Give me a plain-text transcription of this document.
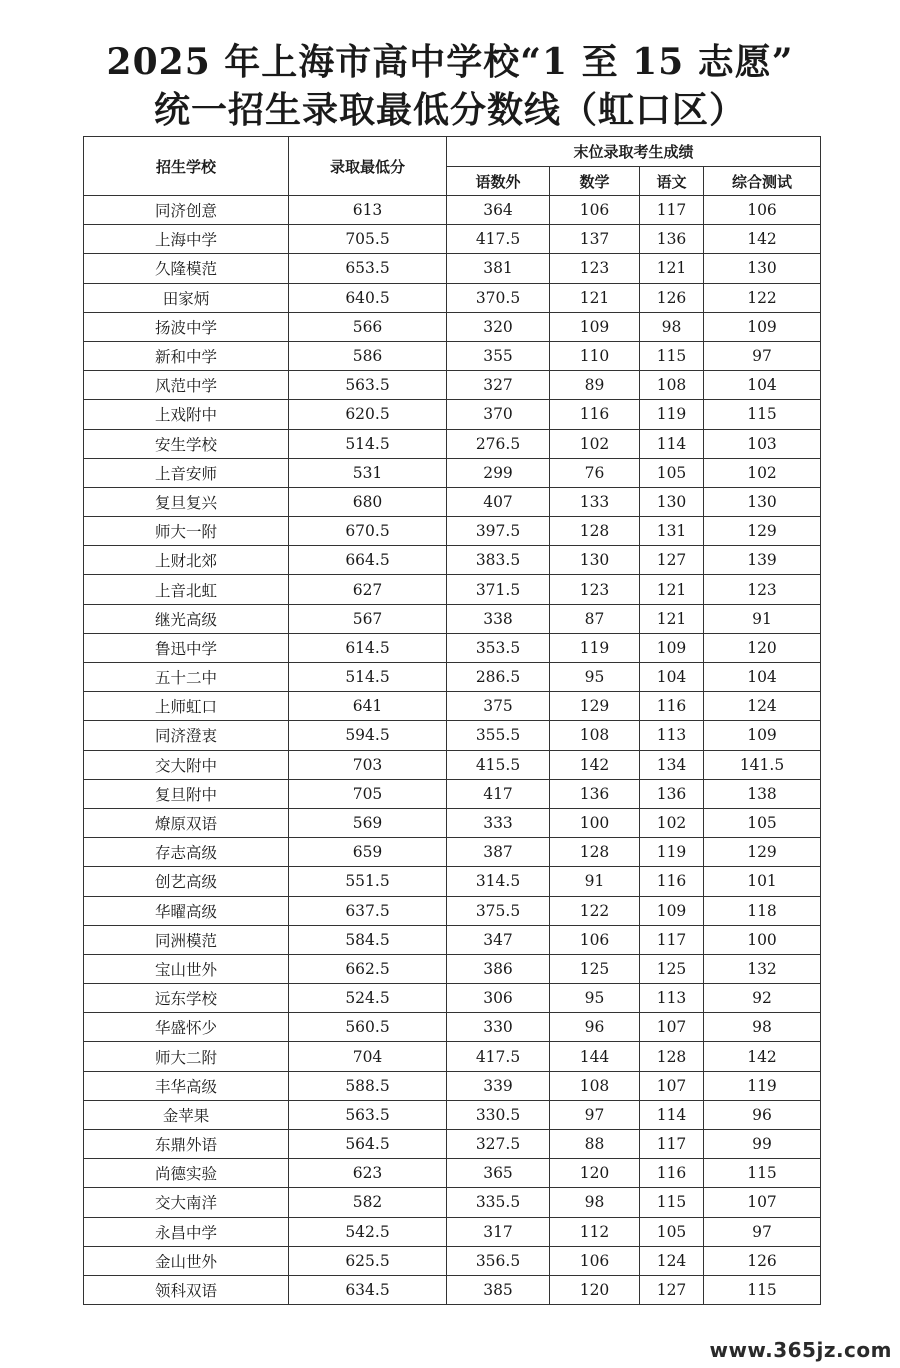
2025 年上海市高中学校“1 至 15 志愿”
统一招生录取最低分数线（虹口区）
招生学校	录取最低分	末位录取考生成绩			
		语数外	数学	语文	综合测试
同济创意	613	364	106	117	106
上海中学	705.5	417.5	137	136	142
久隆模范	653.5	381	123	121	130
田家炳	640.5	370.5	121	126	122
扬波中学	566	320	109	98	109
新和中学	586	355	110	115	97
风范中学	563.5	327	89	108	104
上戏附中	620.5	370	116	119	115
安生学校	514.5	276.5	102	114	103
上音安师	531	299	76	105	102
复旦复兴	680	407	133	130	130
师大一附	670.5	397.5	128	131	129
上财北郊	664.5	383.5	130	127	139
上音北虹	627	371.5	123	121	123
继光高级	567	338	87	121	91
鲁迅中学	614.5	353.5	119	109	120
五十二中	514.5	286.5	95	104	104
上师虹口	641	375	129	116	124
同济澄衷	594.5	355.5	108	113	109
交大附中	703	415.5	142	134	141.5
复旦附中	705	417	136	136	138
燎原双语	569	333	100	102	105
存志高级	659	387	128	119	129
创艺高级	551.5	314.5	91	116	101
华曜高级	637.5	375.5	122	109	118
同洲模范	584.5	347	106	117	100
宝山世外	662.5	386	125	125	132
远东学校	524.5	306	95	113	92
华盛怀少	560.5	330	96	107	98
师大二附	704	417.5	144	128	142
丰华高级	588.5	339	108	107	119
金苹果	563.5	330.5	97	114	96
东鼎外语	564.5	327.5	88	117	99
尚德实验	623	365	120	116	115
交大南洋	582	335.5	98	115	107
永昌中学	542.5	317	112	105	97
金山世外	625.5	356.5	106	124	126
领科双语	634.5	385	120	127	115
www.365jz.com
